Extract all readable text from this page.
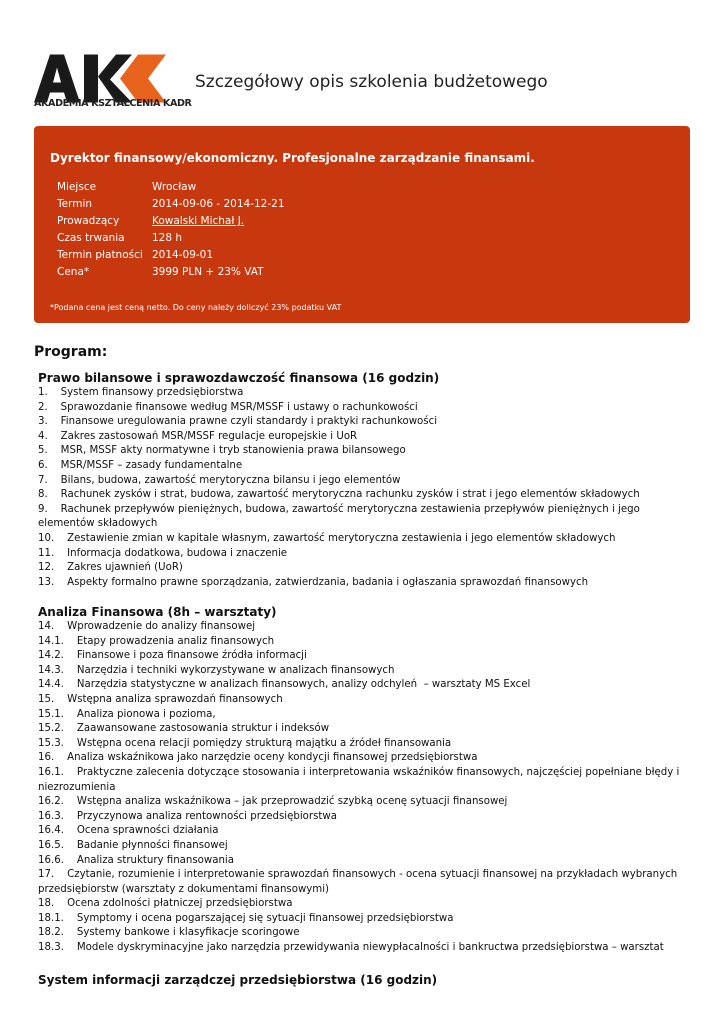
AKADEMIA KSZTAŁCENIA KADR
Szczegółowy opis szkolenia budżetowego
Dyrektor finansowy/ekonomiczny. Profesjonalne zarządzanie finansami.
Miejsce	Wrocław
Termin	2014-09-06 - 2014-12-21
Prowadzący	Kowalski Michał J.
Czas trwania	128 h
Termin płatności 2014-09-01
Cena*	3999 PLN + 23% VAT
*Podana cena jest ceną netto. Do ceny należy doliczyć 23% podatku VAT
Program:
Prawo bilansowe i sprawozdawczość finansowa (16 godzin)
1.    System finansowy przedsiębiorstwa
2.    Sprawozdanie finansowe według MSR/MSSF i ustawy o rachunkowości
3.    Finansowe uregulowania prawne czyli standardy i praktyki rachunkowości
4.    Zakres zastosowań MSR/MSSF regulacje europejskie i UoR
5.    MSR, MSSF akty normatywne i tryb stanowienia prawa bilansowego
6.    MSR/MSSF – zasady fundamentalne
7.    Bilans, budowa, zawartość merytoryczna bilansu i jego elementów
8.    Rachunek zysków i strat, budowa, zawartość merytoryczna rachunku zysków i strat i jego elementów składowych
9.    Rachunek przepływów pieniężnych, budowa, zawartość merytoryczna zestawienia przepływów pieniężnych i jego elementów składowych
10.    Zestawienie zmian w kapitale własnym, zawartość merytoryczna zestawienia i jego elementów składowych
11.    Informacja dodatkowa, budowa i znaczenie
12.    Zakres ujawnień (UoR)
13.    Aspekty formalno prawne sporządzania, zatwierdzania, badania i ogłaszania sprawozdań finansowych
Analiza Finansowa (8h – warsztaty)
14.    Wprowadzenie do analizy finansowej
14.1.    Etapy prowadzenia analiz finansowych
14.2.    Finansowe i poza finansowe źródła informacji
14.3.    Narzędzia i techniki wykorzystywane w analizach finansowych
14.4.    Narzędzia statystyczne w analizach finansowych, analizy odchyleń  – warsztaty MS Excel
15.    Wstępna analiza sprawozdań finansowych
15.1.    Analiza pionowa i pozioma,
15.2.    Zaawansowane zastosowania struktur i indeksów
15.3.    Wstępna ocena relacji pomiędzy strukturą majątku a źródeł finansowania
16.    Analiza wskaźnikowa jako narzędzie oceny kondycji finansowej przedsiębiorstwa
16.1.    Praktyczne zalecenia dotyczące stosowania i interpretowania wskaźników finansowych, najczęściej popełniane błędy i niezrozumienia
16.2.    Wstępna analiza wskaźnikowa – jak przeprowadzić szybką ocenę sytuacji finansowej
16.3.    Przyczynowa analiza rentowności przedsiębiorstwa
16.4.    Ocena sprawności działania
16.5.    Badanie płynności finansowej
16.6.    Analiza struktury finansowania
17.    Czytanie, rozumienie i interpretowanie sprawozdań finansowych - ocena sytuacji finansowej na przykładach wybranych przedsiębiorstw (warsztaty z dokumentami finansowymi)
18.    Ocena zdolności płatniczej przedsiębiorstwa
18.1.    Symptomy i ocena pogarszającej się sytuacji finansowej przedsiębiorstwa
18.2.    Systemy bankowe i klasyfikacje scoringowe
18.3.    Modele dyskryminacyjne jako narzędzia przewidywania niewypłacalności i bankructwa przedsiębiorstwa – warsztat
System informacji zarządczej przedsiębiorstwa (16 godzin)
